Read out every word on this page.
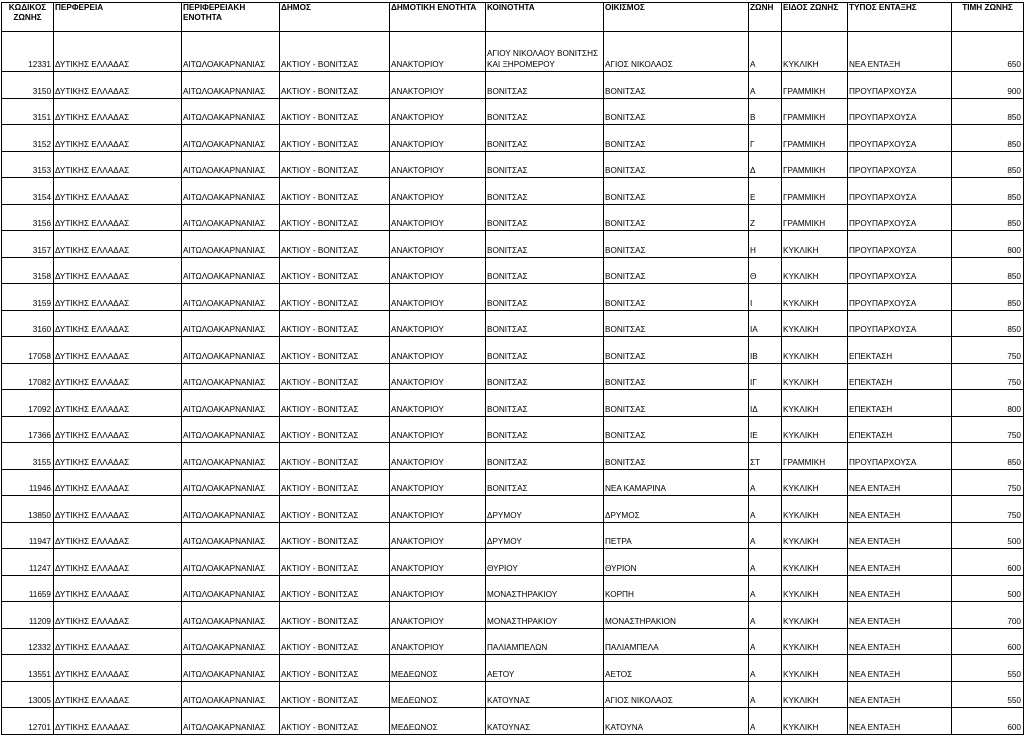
ΚΩΔΙΚΟΣ ΖΩΝΗΣ	ΠΕΡΦΕΡΕΙΑ	ΠΕΡΙΦΕΡΕΙΑΚΗ ΕΝΟΤΗΤΑ	ΔΗΜΟΣ	ΔΗΜΟΤΙΚΗ ΕΝΟΤΗΤΑ	ΚΟΙΝΟΤΗΤΑ	ΟΙΚΙΣΜΟΣ	ΖΩΝΗ	ΕΙΔΟΣ ΖΩΝΗΣ	ΤΥΠΟΣ ΕΝΤΑΞΗΣ	ΤΙΜΗ ΖΩΝΗΣ
12331	ΔΥΤΙΚΗΣ ΕΛΛΑΔΑΣ	ΑΙΤΩΛΟΑΚΑΡΝΑΝΙΑΣ	ΑΚΤΙΟΥ - ΒΟΝΙΤΣΑΣ	ΑΝΑΚΤΟΡΙΟΥ	ΑΓΙΟΥ ΝΙΚΟΛΑΟΥ ΒΟΝΙΤΣΗΣ ΚΑΙ ΞΗΡΟΜΕΡΟΥ	ΑΓΙΟΣ ΝΙΚΟΛΑΟΣ	Α	ΚΥΚΛΙΚΗ	ΝΕΑ ΕΝΤΑΞΗ	650
3150	ΔΥΤΙΚΗΣ ΕΛΛΑΔΑΣ	ΑΙΤΩΛΟΑΚΑΡΝΑΝΙΑΣ	ΑΚΤΙΟΥ - ΒΟΝΙΤΣΑΣ	ΑΝΑΚΤΟΡΙΟΥ	ΒΟΝΙΤΣΑΣ	ΒΟΝΙΤΣΑΣ	Α	ΓΡΑΜΜΙΚΗ	ΠΡΟΥΠΑΡΧΟΥΣΑ	900
3151	ΔΥΤΙΚΗΣ ΕΛΛΑΔΑΣ	ΑΙΤΩΛΟΑΚΑΡΝΑΝΙΑΣ	ΑΚΤΙΟΥ - ΒΟΝΙΤΣΑΣ	ΑΝΑΚΤΟΡΙΟΥ	ΒΟΝΙΤΣΑΣ	ΒΟΝΙΤΣΑΣ	Β	ΓΡΑΜΜΙΚΗ	ΠΡΟΥΠΑΡΧΟΥΣΑ	850
3152	ΔΥΤΙΚΗΣ ΕΛΛΑΔΑΣ	ΑΙΤΩΛΟΑΚΑΡΝΑΝΙΑΣ	ΑΚΤΙΟΥ - ΒΟΝΙΤΣΑΣ	ΑΝΑΚΤΟΡΙΟΥ	ΒΟΝΙΤΣΑΣ	ΒΟΝΙΤΣΑΣ	Γ	ΓΡΑΜΜΙΚΗ	ΠΡΟΥΠΑΡΧΟΥΣΑ	850
3153	ΔΥΤΙΚΗΣ ΕΛΛΑΔΑΣ	ΑΙΤΩΛΟΑΚΑΡΝΑΝΙΑΣ	ΑΚΤΙΟΥ - ΒΟΝΙΤΣΑΣ	ΑΝΑΚΤΟΡΙΟΥ	ΒΟΝΙΤΣΑΣ	ΒΟΝΙΤΣΑΣ	Δ	ΓΡΑΜΜΙΚΗ	ΠΡΟΥΠΑΡΧΟΥΣΑ	850
3154	ΔΥΤΙΚΗΣ ΕΛΛΑΔΑΣ	ΑΙΤΩΛΟΑΚΑΡΝΑΝΙΑΣ	ΑΚΤΙΟΥ - ΒΟΝΙΤΣΑΣ	ΑΝΑΚΤΟΡΙΟΥ	ΒΟΝΙΤΣΑΣ	ΒΟΝΙΤΣΑΣ	Ε	ΓΡΑΜΜΙΚΗ	ΠΡΟΥΠΑΡΧΟΥΣΑ	850
3156	ΔΥΤΙΚΗΣ ΕΛΛΑΔΑΣ	ΑΙΤΩΛΟΑΚΑΡΝΑΝΙΑΣ	ΑΚΤΙΟΥ - ΒΟΝΙΤΣΑΣ	ΑΝΑΚΤΟΡΙΟΥ	ΒΟΝΙΤΣΑΣ	ΒΟΝΙΤΣΑΣ	Ζ	ΓΡΑΜΜΙΚΗ	ΠΡΟΥΠΑΡΧΟΥΣΑ	850
3157	ΔΥΤΙΚΗΣ ΕΛΛΑΔΑΣ	ΑΙΤΩΛΟΑΚΑΡΝΑΝΙΑΣ	ΑΚΤΙΟΥ - ΒΟΝΙΤΣΑΣ	ΑΝΑΚΤΟΡΙΟΥ	ΒΟΝΙΤΣΑΣ	ΒΟΝΙΤΣΑΣ	Η	ΚΥΚΛΙΚΗ	ΠΡΟΥΠΑΡΧΟΥΣΑ	800
3158	ΔΥΤΙΚΗΣ ΕΛΛΑΔΑΣ	ΑΙΤΩΛΟΑΚΑΡΝΑΝΙΑΣ	ΑΚΤΙΟΥ - ΒΟΝΙΤΣΑΣ	ΑΝΑΚΤΟΡΙΟΥ	ΒΟΝΙΤΣΑΣ	ΒΟΝΙΤΣΑΣ	Θ	ΚΥΚΛΙΚΗ	ΠΡΟΥΠΑΡΧΟΥΣΑ	850
3159	ΔΥΤΙΚΗΣ ΕΛΛΑΔΑΣ	ΑΙΤΩΛΟΑΚΑΡΝΑΝΙΑΣ	ΑΚΤΙΟΥ - ΒΟΝΙΤΣΑΣ	ΑΝΑΚΤΟΡΙΟΥ	ΒΟΝΙΤΣΑΣ	ΒΟΝΙΤΣΑΣ	Ι	ΚΥΚΛΙΚΗ	ΠΡΟΥΠΑΡΧΟΥΣΑ	850
3160	ΔΥΤΙΚΗΣ ΕΛΛΑΔΑΣ	ΑΙΤΩΛΟΑΚΑΡΝΑΝΙΑΣ	ΑΚΤΙΟΥ - ΒΟΝΙΤΣΑΣ	ΑΝΑΚΤΟΡΙΟΥ	ΒΟΝΙΤΣΑΣ	ΒΟΝΙΤΣΑΣ	ΙΑ	ΚΥΚΛΙΚΗ	ΠΡΟΥΠΑΡΧΟΥΣΑ	850
17058	ΔΥΤΙΚΗΣ ΕΛΛΑΔΑΣ	ΑΙΤΩΛΟΑΚΑΡΝΑΝΙΑΣ	ΑΚΤΙΟΥ - ΒΟΝΙΤΣΑΣ	ΑΝΑΚΤΟΡΙΟΥ	ΒΟΝΙΤΣΑΣ	ΒΟΝΙΤΣΑΣ	ΙΒ	ΚΥΚΛΙΚΗ	ΕΠΕΚΤΑΣΗ	750
17082	ΔΥΤΙΚΗΣ ΕΛΛΑΔΑΣ	ΑΙΤΩΛΟΑΚΑΡΝΑΝΙΑΣ	ΑΚΤΙΟΥ - ΒΟΝΙΤΣΑΣ	ΑΝΑΚΤΟΡΙΟΥ	ΒΟΝΙΤΣΑΣ	ΒΟΝΙΤΣΑΣ	ΙΓ	ΚΥΚΛΙΚΗ	ΕΠΕΚΤΑΣΗ	750
17092	ΔΥΤΙΚΗΣ ΕΛΛΑΔΑΣ	ΑΙΤΩΛΟΑΚΑΡΝΑΝΙΑΣ	ΑΚΤΙΟΥ - ΒΟΝΙΤΣΑΣ	ΑΝΑΚΤΟΡΙΟΥ	ΒΟΝΙΤΣΑΣ	ΒΟΝΙΤΣΑΣ	ΙΔ	ΚΥΚΛΙΚΗ	ΕΠΕΚΤΑΣΗ	800
17366	ΔΥΤΙΚΗΣ ΕΛΛΑΔΑΣ	ΑΙΤΩΛΟΑΚΑΡΝΑΝΙΑΣ	ΑΚΤΙΟΥ - ΒΟΝΙΤΣΑΣ	ΑΝΑΚΤΟΡΙΟΥ	ΒΟΝΙΤΣΑΣ	ΒΟΝΙΤΣΑΣ	ΙΕ	ΚΥΚΛΙΚΗ	ΕΠΕΚΤΑΣΗ	750
3155	ΔΥΤΙΚΗΣ ΕΛΛΑΔΑΣ	ΑΙΤΩΛΟΑΚΑΡΝΑΝΙΑΣ	ΑΚΤΙΟΥ - ΒΟΝΙΤΣΑΣ	ΑΝΑΚΤΟΡΙΟΥ	ΒΟΝΙΤΣΑΣ	ΒΟΝΙΤΣΑΣ	ΣΤ	ΓΡΑΜΜΙΚΗ	ΠΡΟΥΠΑΡΧΟΥΣΑ	850
11946	ΔΥΤΙΚΗΣ ΕΛΛΑΔΑΣ	ΑΙΤΩΛΟΑΚΑΡΝΑΝΙΑΣ	ΑΚΤΙΟΥ - ΒΟΝΙΤΣΑΣ	ΑΝΑΚΤΟΡΙΟΥ	ΒΟΝΙΤΣΑΣ	ΝΕΑ ΚΑΜΑΡΙΝΑ	Α	ΚΥΚΛΙΚΗ	ΝΕΑ ΕΝΤΑΞΗ	750
13850	ΔΥΤΙΚΗΣ ΕΛΛΑΔΑΣ	ΑΙΤΩΛΟΑΚΑΡΝΑΝΙΑΣ	ΑΚΤΙΟΥ - ΒΟΝΙΤΣΑΣ	ΑΝΑΚΤΟΡΙΟΥ	ΔΡΥΜΟΥ	ΔΡΥΜΟΣ	Α	ΚΥΚΛΙΚΗ	ΝΕΑ ΕΝΤΑΞΗ	750
11947	ΔΥΤΙΚΗΣ ΕΛΛΑΔΑΣ	ΑΙΤΩΛΟΑΚΑΡΝΑΝΙΑΣ	ΑΚΤΙΟΥ - ΒΟΝΙΤΣΑΣ	ΑΝΑΚΤΟΡΙΟΥ	ΔΡΥΜΟΥ	ΠΕΤΡΑ	Α	ΚΥΚΛΙΚΗ	ΝΕΑ ΕΝΤΑΞΗ	500
11247	ΔΥΤΙΚΗΣ ΕΛΛΑΔΑΣ	ΑΙΤΩΛΟΑΚΑΡΝΑΝΙΑΣ	ΑΚΤΙΟΥ - ΒΟΝΙΤΣΑΣ	ΑΝΑΚΤΟΡΙΟΥ	ΘΥΡΙΟΥ	ΘΥΡΙΟΝ	Α	ΚΥΚΛΙΚΗ	ΝΕΑ ΕΝΤΑΞΗ	600
11659	ΔΥΤΙΚΗΣ ΕΛΛΑΔΑΣ	ΑΙΤΩΛΟΑΚΑΡΝΑΝΙΑΣ	ΑΚΤΙΟΥ - ΒΟΝΙΤΣΑΣ	ΑΝΑΚΤΟΡΙΟΥ	ΜΟΝΑΣΤΗΡΑΚΙΟΥ	ΚΟΡΠΗ	Α	ΚΥΚΛΙΚΗ	ΝΕΑ ΕΝΤΑΞΗ	500
11209	ΔΥΤΙΚΗΣ ΕΛΛΑΔΑΣ	ΑΙΤΩΛΟΑΚΑΡΝΑΝΙΑΣ	ΑΚΤΙΟΥ - ΒΟΝΙΤΣΑΣ	ΑΝΑΚΤΟΡΙΟΥ	ΜΟΝΑΣΤΗΡΑΚΙΟΥ	ΜΟΝΑΣΤΗΡΑΚΙΟΝ	Α	ΚΥΚΛΙΚΗ	ΝΕΑ ΕΝΤΑΞΗ	700
12332	ΔΥΤΙΚΗΣ ΕΛΛΑΔΑΣ	ΑΙΤΩΛΟΑΚΑΡΝΑΝΙΑΣ	ΑΚΤΙΟΥ - ΒΟΝΙΤΣΑΣ	ΑΝΑΚΤΟΡΙΟΥ	ΠΑΛΙΑΜΠΕΛΩΝ	ΠΑΛΙΑΜΠΕΛΑ	Α	ΚΥΚΛΙΚΗ	ΝΕΑ ΕΝΤΑΞΗ	600
13551	ΔΥΤΙΚΗΣ ΕΛΛΑΔΑΣ	ΑΙΤΩΛΟΑΚΑΡΝΑΝΙΑΣ	ΑΚΤΙΟΥ - ΒΟΝΙΤΣΑΣ	ΜΕΔΕΩΝΟΣ	ΑΕΤΟΥ	ΑΕΤΟΣ	Α	ΚΥΚΛΙΚΗ	ΝΕΑ ΕΝΤΑΞΗ	550
13005	ΔΥΤΙΚΗΣ ΕΛΛΑΔΑΣ	ΑΙΤΩΛΟΑΚΑΡΝΑΝΙΑΣ	ΑΚΤΙΟΥ - ΒΟΝΙΤΣΑΣ	ΜΕΔΕΩΝΟΣ	ΚΑΤΟΥΝΑΣ	ΑΓΙΟΣ ΝΙΚΟΛΑΟΣ	Α	ΚΥΚΛΙΚΗ	ΝΕΑ ΕΝΤΑΞΗ	550
12701	ΔΥΤΙΚΗΣ ΕΛΛΑΔΑΣ	ΑΙΤΩΛΟΑΚΑΡΝΑΝΙΑΣ	ΑΚΤΙΟΥ - ΒΟΝΙΤΣΑΣ	ΜΕΔΕΩΝΟΣ	ΚΑΤΟΥΝΑΣ	ΚΑΤΟΥΝΑ	Α	ΚΥΚΛΙΚΗ	ΝΕΑ ΕΝΤΑΞΗ	600
